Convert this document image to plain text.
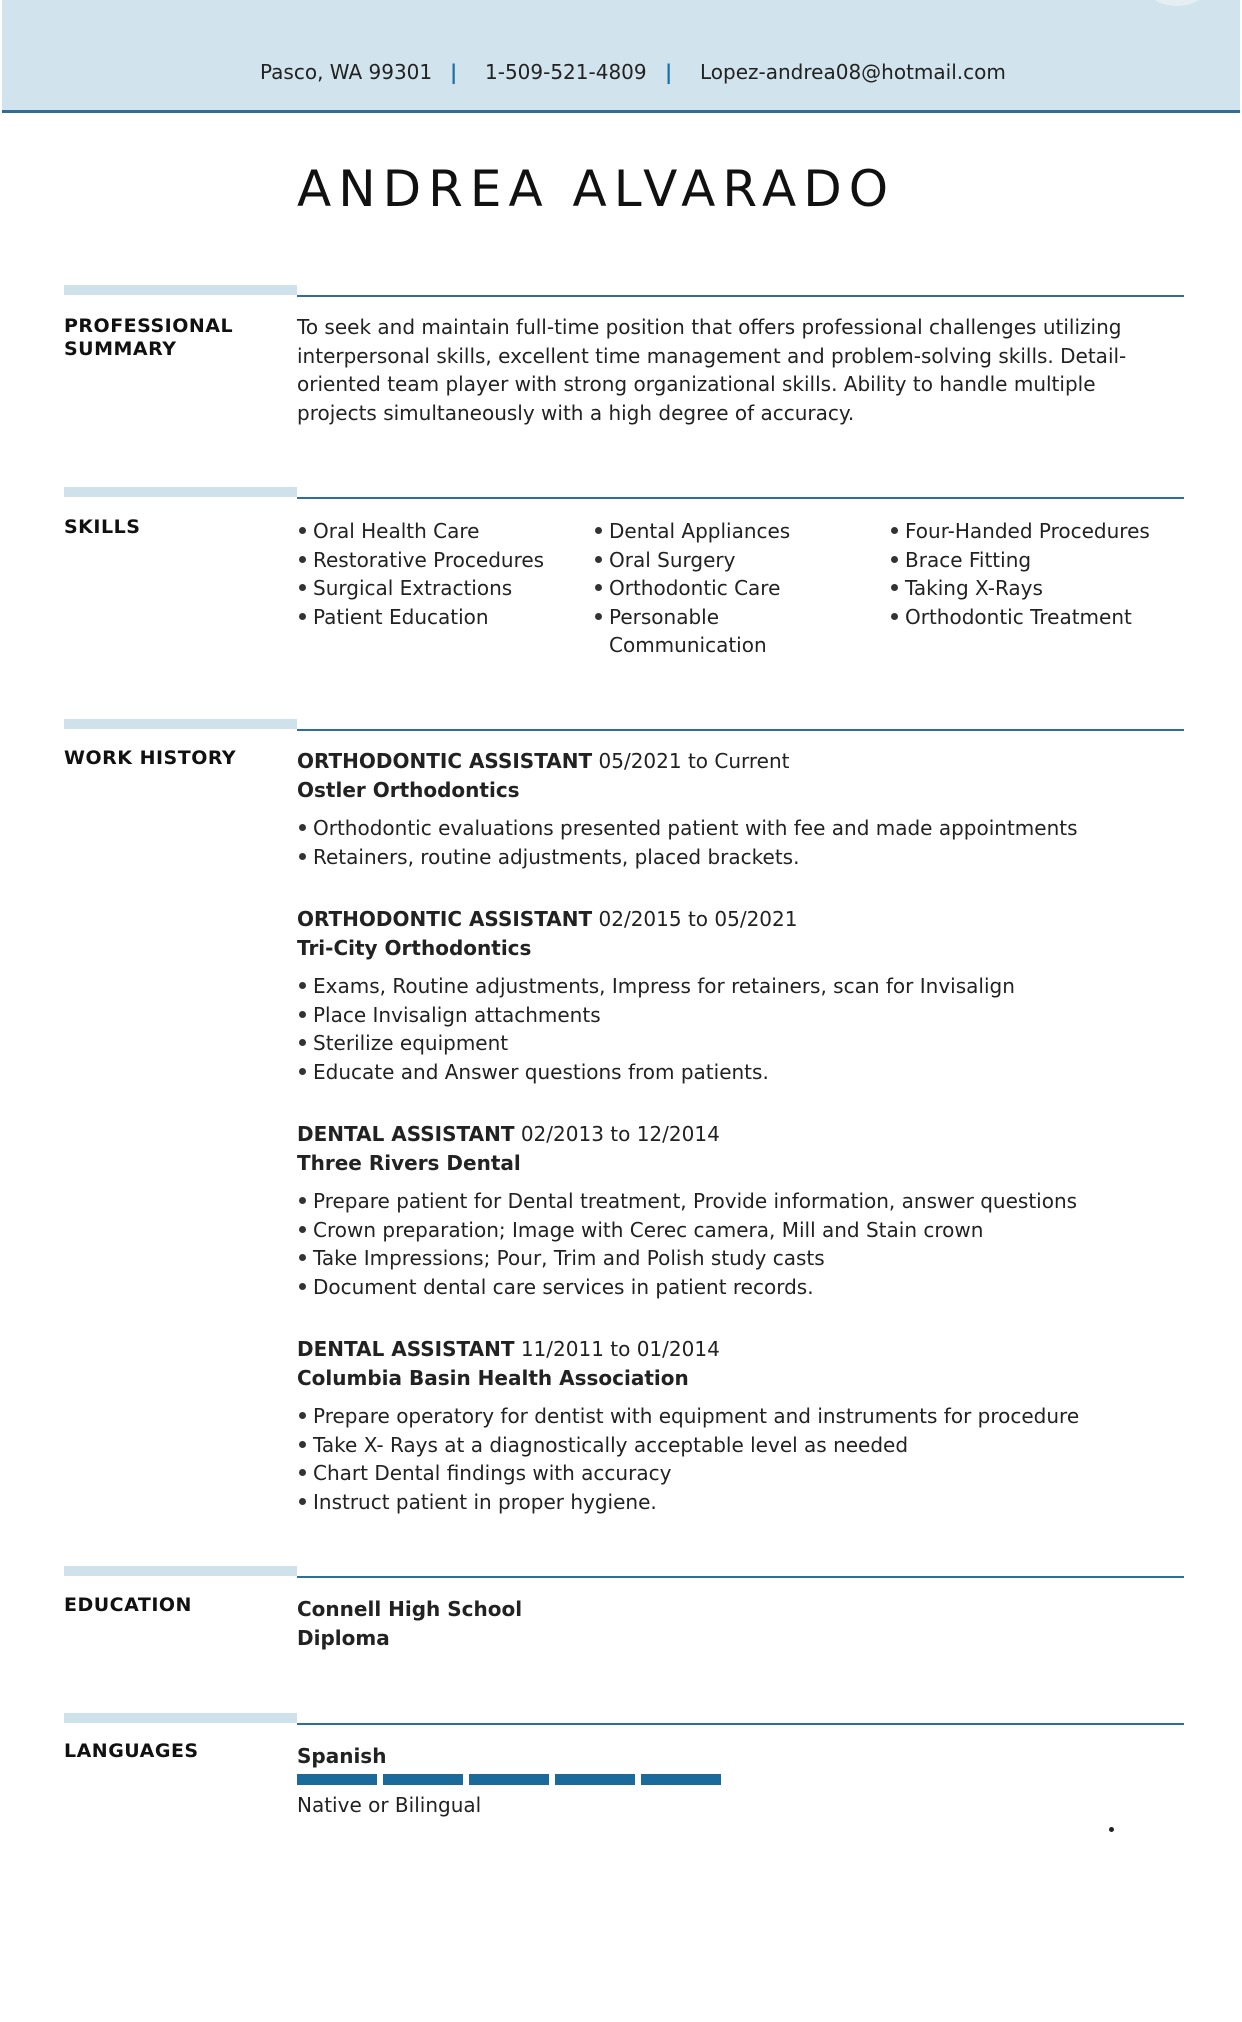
Pasco, WA 99301 | 1-509-521-4809 | Lopez-andrea08@hotmail.com
ANDREA ALVARADO
PROFESSIONAL SUMMARY

To seek and maintain full-time position that offers professional challenges utilizing interpersonal skills, excellent time management and problem-solving skills. Detail-oriented team player with strong organizational skills. Ability to handle multiple projects simultaneously with a high degree of accuracy.

SKILLS	Oral Health Care
Restorative Procedures
Surgical Extractions
Patient Education
Dental Appliances
Oral Surgery
Orthodontic Care
Personable Communication
Four-Handed Procedures
Brace Fitting
Taking X-Rays
Orthodontic Treatment
WORK HISTORY	ORTHODONTIC ASSISTANT 05/2021 to Current
Ostler Orthodontics
Orthodontic evaluations presented patient with fee and made appointments
Retainers, routine adjustments, placed brackets.
ORTHODONTIC ASSISTANT 02/2015 to 05/2021
Tri-City Orthodontics
Exams, Routine adjustments, Impress for retainers, scan for Invisalign
Place Invisalign attachments
Sterilize equipment
Educate and Answer questions from patients.
DENTAL ASSISTANT 02/2013 to 12/2014
Three Rivers Dental
Prepare patient for Dental treatment, Provide information, answer questions
Crown preparation; Image with Cerec camera, Mill and Stain crown
Take Impressions; Pour, Trim and Polish study casts
Document dental care services in patient records.
DENTAL ASSISTANT 11/2011 to 01/2014
Columbia Basin Health Association
Prepare operatory for dentist with equipment and instruments for procedure
Take X- Rays at a diagnostically acceptable level as needed
Chart Dental findings with accuracy
Instruct patient in proper hygiene.
EDUCATION	Connell High School
Diploma
LANGUAGES	Spanish
Native or Bilingual
